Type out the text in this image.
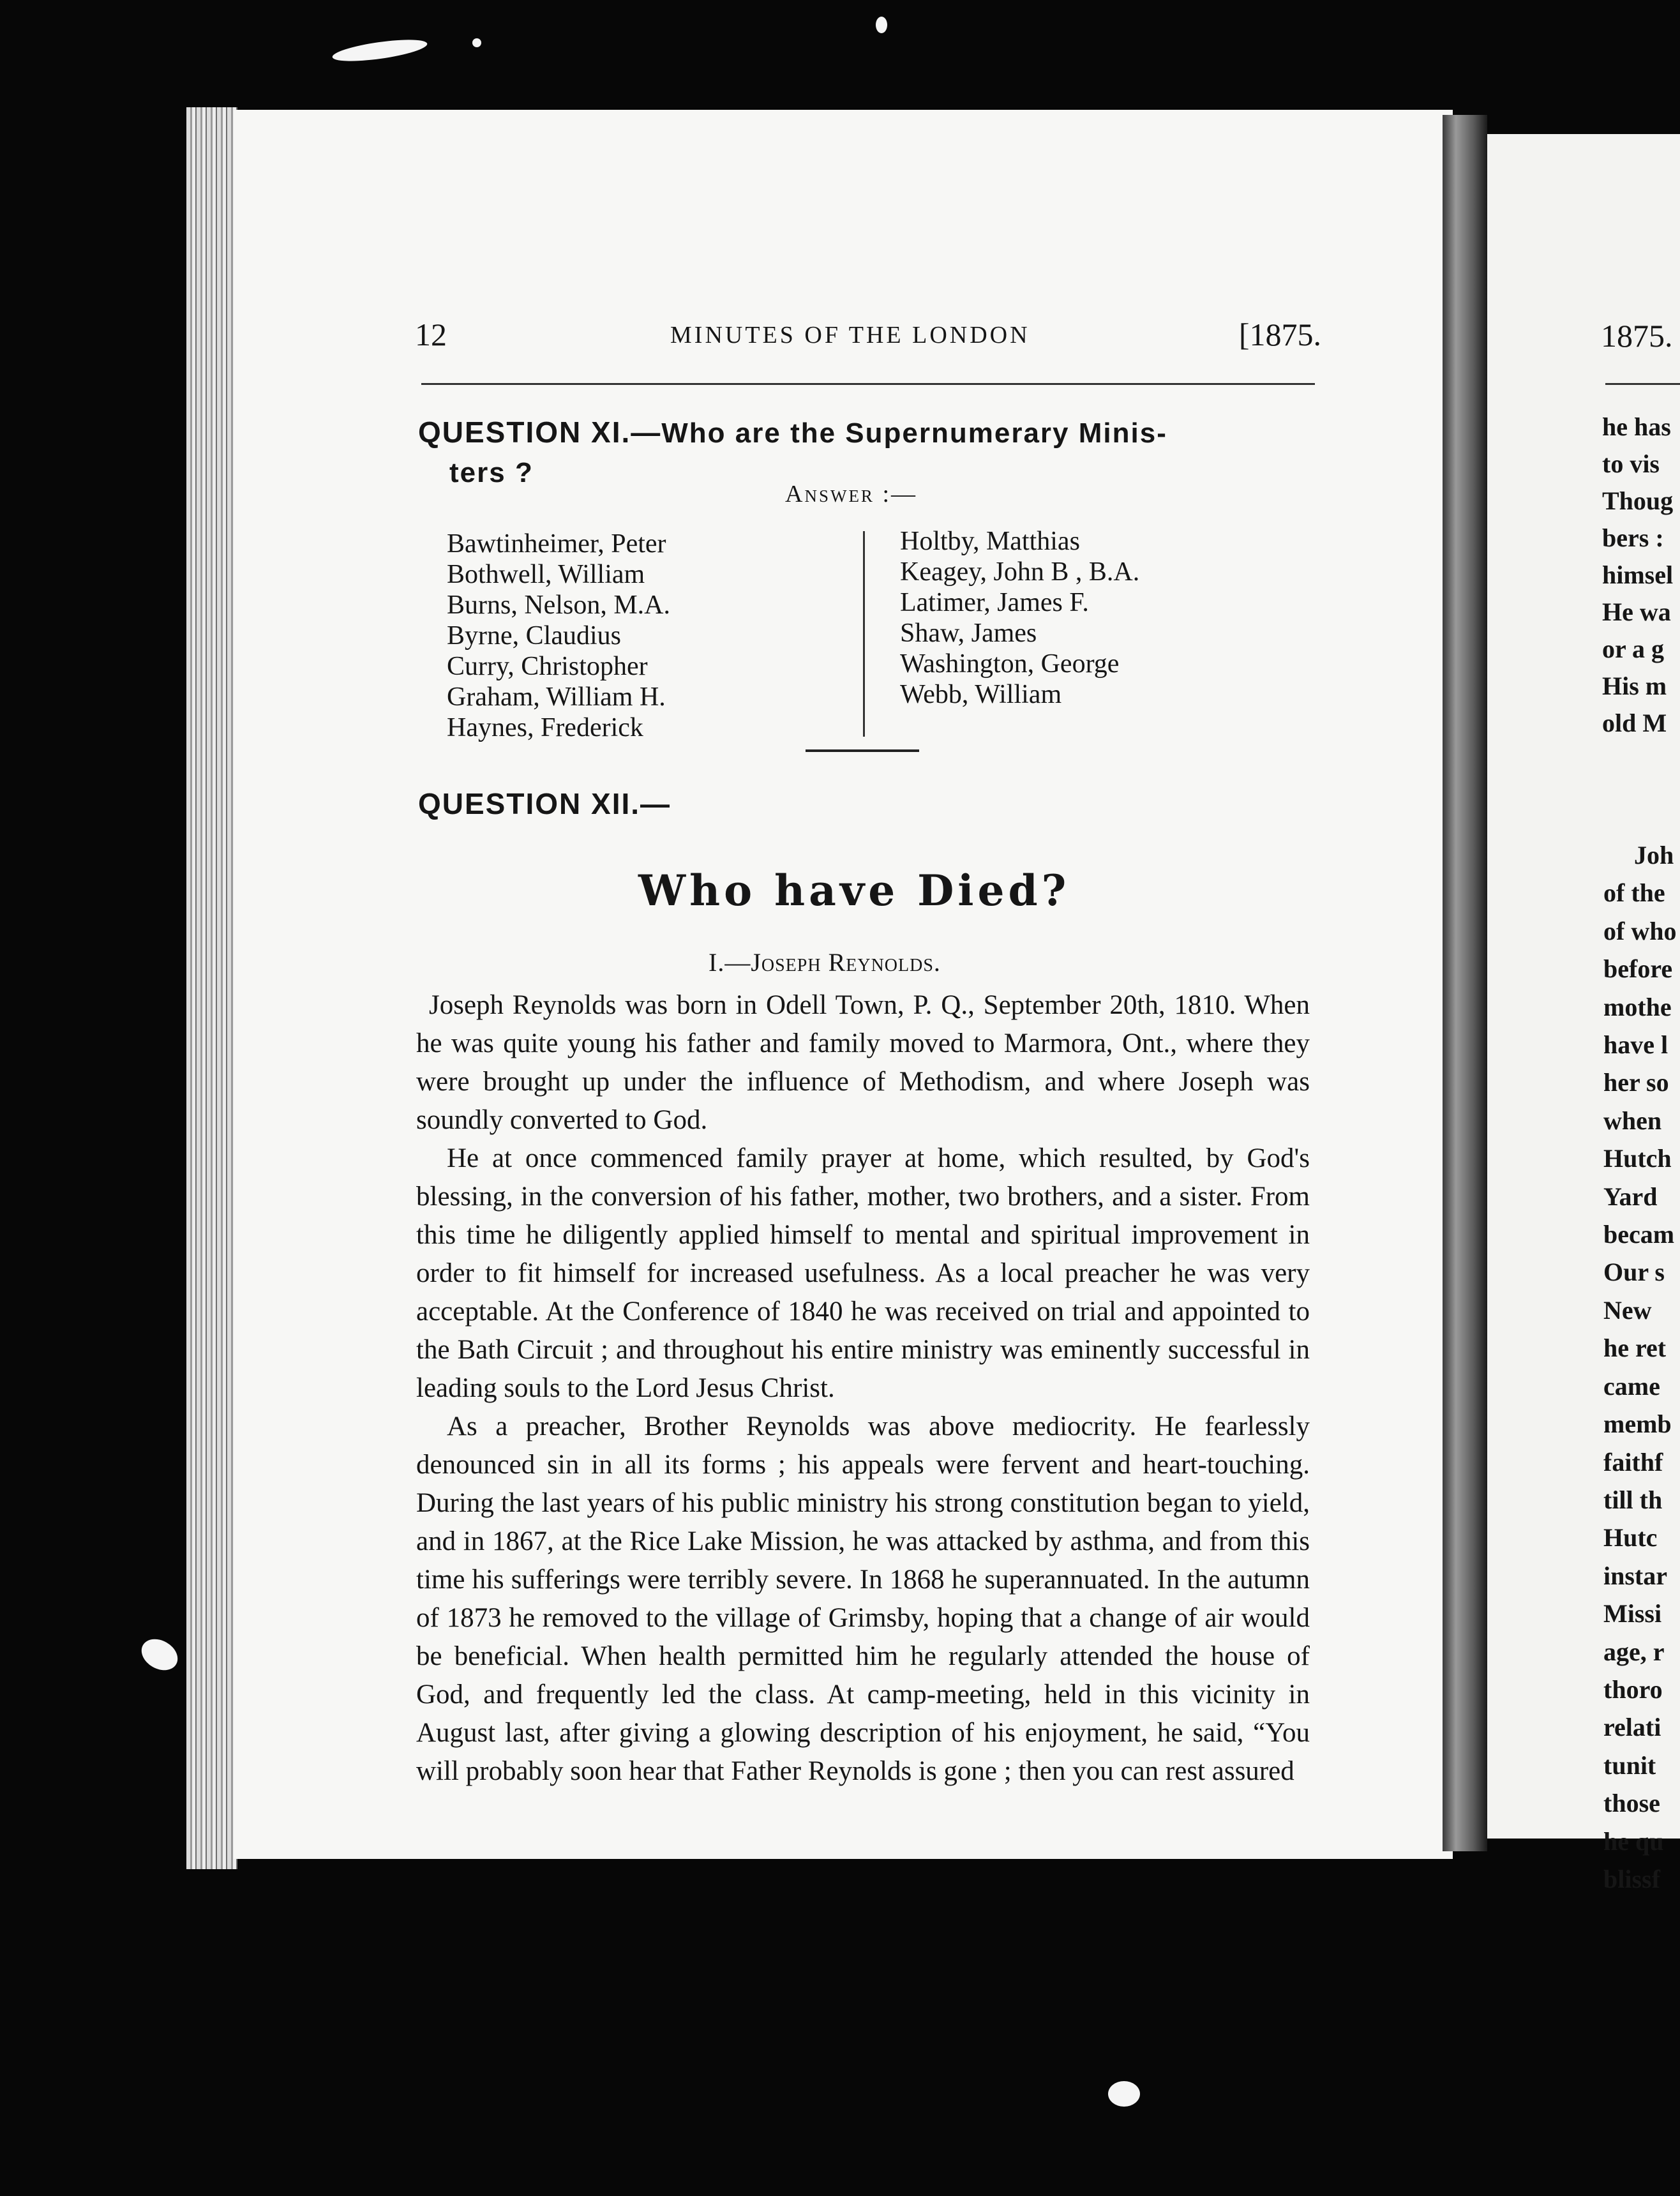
12	MINUTES OF THE LONDON	[1875.
QUESTION XI.—Who are the Supernumerary Minis-
ters ?
Answer :—
Bawtinheimer, Peter
Bothwell, William
Burns, Nelson, M.A.
Byrne, Claudius
Curry, Christopher
Graham, William H.
Haynes, Frederick
Holtby, Matthias
Keagey, John B , B.A.
Latimer, James F.
Shaw, James
Washington, George
Webb, William
QUESTION XII.—
Who have Died?
I.—Joseph Reynolds.

Joseph Reynolds was born in Odell Town, P. Q., September 20th, 1810. When he was quite young his father and family moved to Marmora, Ont., where they were brought up under the influence of Methodism, and where Joseph was soundly converted to God.

He at once commenced family prayer at home, which resulted, by God's blessing, in the conversion of his father, mother, two brothers, and a sister. From this time he diligently applied himself to mental and spiritual improvement in order to fit himself for increased usefulness. As a local preacher he was very acceptable. At the Conference of 1840 he was received on trial and appointed to the Bath Circuit ; and throughout his entire ministry was eminently successful in leading souls to the Lord Jesus Christ.

As a preacher, Brother Reynolds was above mediocrity. He fearlessly denounced sin in all its forms ; his appeals were fervent and heart-touching. During the last years of his public ministry his strong constitution began to yield, and in 1867, at the Rice Lake Mission, he was attacked by asthma, and from this time his sufferings were terribly severe. In 1868 he superannuated. In the autumn of 1873 he removed to the village of Grimsby, hoping that a change of air would be beneficial. When health permitted him he regularly attended the house of God, and frequently led the class. At camp-meeting, held in this vicinity in August last, after giving a glowing description of his enjoyment, he said, “You will probably soon hear that Father Reynolds is gone ; then you can rest assured

1875.
he has
to vis
Thoug
bers :
himsel
He wa
or a g
His m
old M
Joh
of the
of who
before
mothe
have l
her so
when
Hutch
Yard
becam
Our s
New
he ret
came
memb
faithf
till th
Hutc
instar
Missi
age, r
thoro
relati
tunit
those
he qu
blissf
